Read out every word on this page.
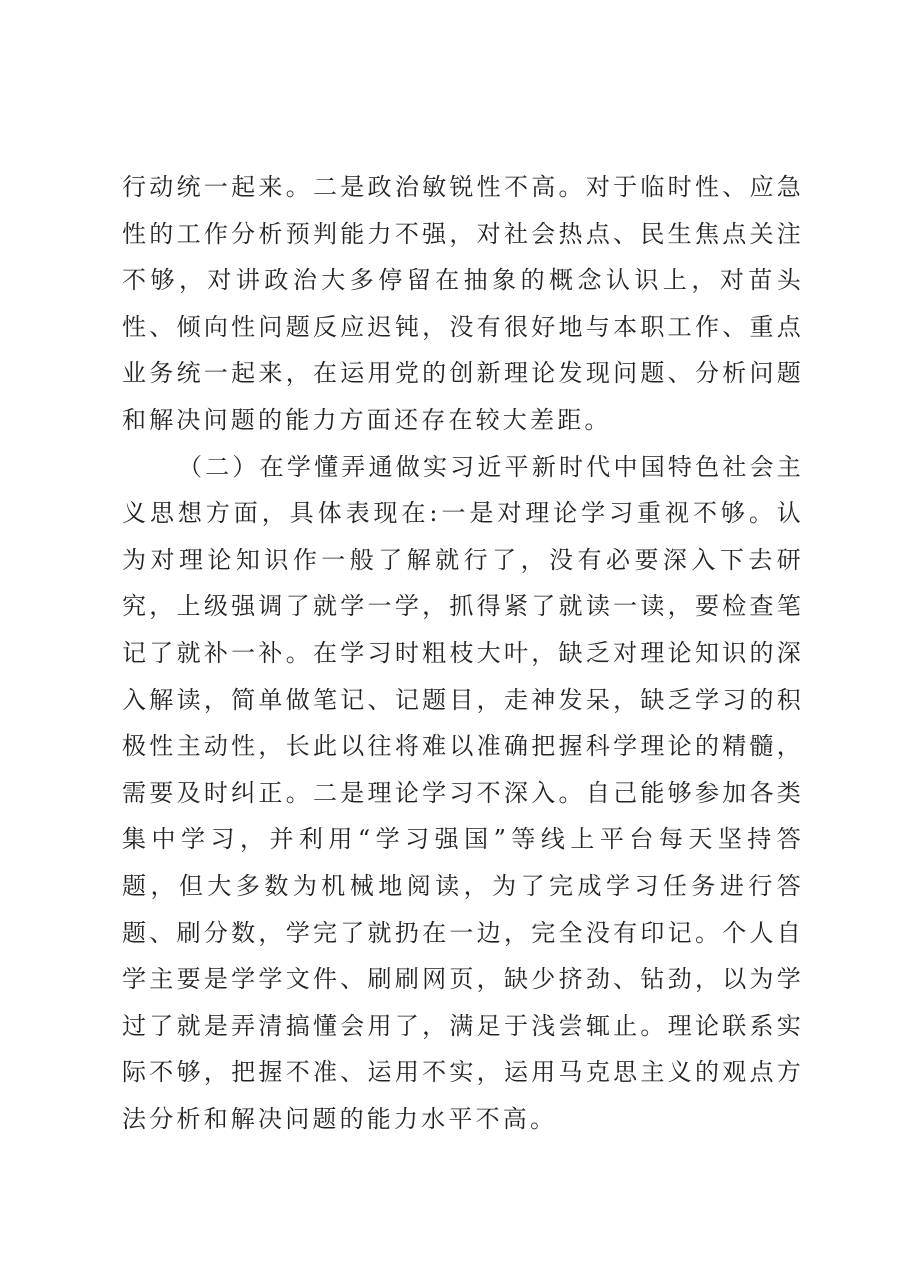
行动统一起来。二是政治敏锐性不高。对于临时性、应急性的工作分析预判能力不强，对社会热点、民生焦点关注不够，对讲政治大多停留在抽象的概念认识上，对苗头性、倾向性问题反应迟钝，没有很好地与本职工作、重点业务统一起来，在运用党的创新理论发现问题、分析问题和解决问题的能力方面还存在较大差距。

（二）在学懂弄通做实习近平新时代中国特色社会主义思想方面，具体表现在:一是对理论学习重视不够。认为对理论知识作一般了解就行了，没有必要深入下去研究，上级强调了就学一学，抓得紧了就读一读，要检查笔记了就补一补。在学习时粗枝大叶，缺乏对理论知识的深入解读，简单做笔记、记题目，走神发呆，缺乏学习的积极性主动性，长此以往将难以准确把握科学理论的精髓，需要及时纠正。二是理论学习不深入。自己能够参加各类集中学习，并利用“学习强国”等线上平台每天坚持答题，但大多数为机械地阅读，为了完成学习任务进行答题、刷分数，学完了就扔在一边，完全没有印记。个人自学主要是学学文件、刷刷网页，缺少挤劲、钻劲，以为学过了就是弄清搞懂会用了，满足于浅尝辄止。理论联系实际不够，把握不准、运用不实，运用马克思主义的观点方法分析和解决问题的能力水平不高。
